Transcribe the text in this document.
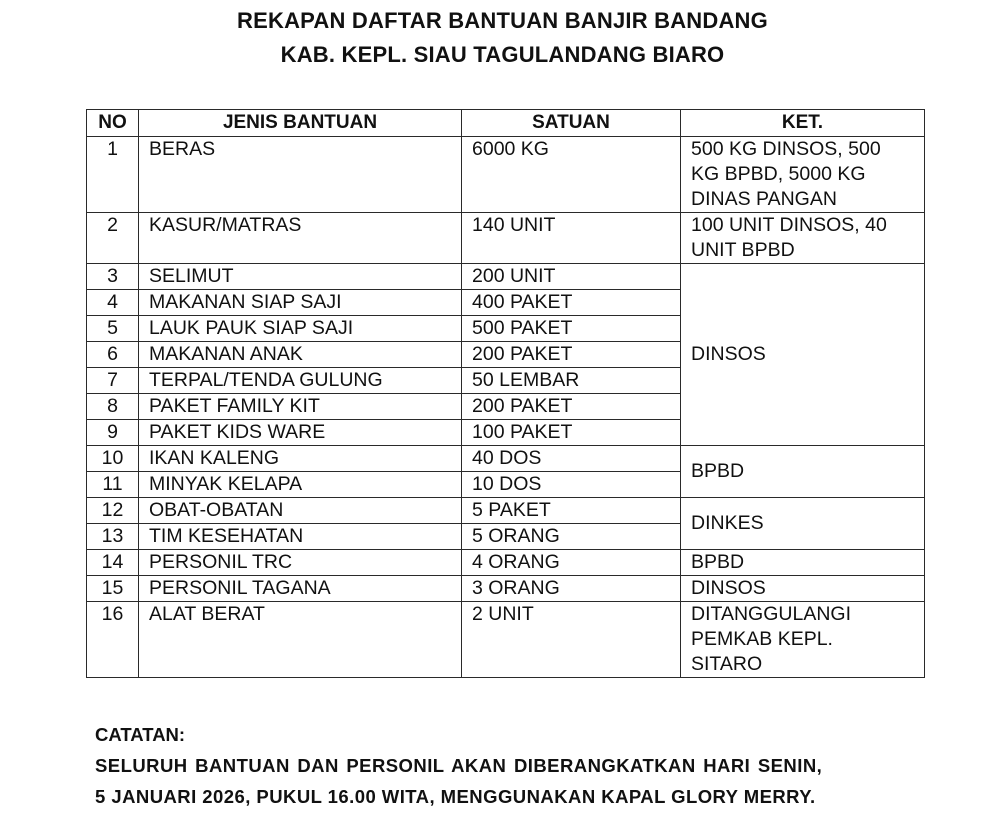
REKAPAN DAFTAR BANTUAN BANJIR BANDANG
KAB. KEPL. SIAU TAGULANDANG BIARO
NO	JENIS BANTUAN	SATUAN	KET.
1	BERAS	6000 KG	500 KG DINSOS, 500
KG BPBD, 5000 KG
DINAS PANGAN

2	KASUR/MATRAS	140 UNIT	100 UNIT DINSOS, 40
UNIT BPBD

3	SELIMUT	200 UNIT	DINSOS
4	MAKANAN SIAP SAJI	400 PAKET	
5	LAUK PAUK SIAP SAJI	500 PAKET	
6	MAKANAN ANAK	200 PAKET	
7	TERPAL/TENDA GULUNG	50 LEMBAR	
8	PAKET FAMILY KIT	200 PAKET	
9	PAKET KIDS WARE	100 PAKET	
10	IKAN KALENG	40 DOS	BPBD
11	MINYAK KELAPA	10 DOS	
12	OBAT-OBATAN	5 PAKET	DINKES
13	TIM KESEHATAN	5 ORANG	
14	PERSONIL TRC	4 ORANG	BPBD
15	PERSONIL TAGANA	3 ORANG	DINSOS
16	ALAT BERAT	2 UNIT	DITANGGULANGI
PEMKAB KEPL.
SITARO
CATATAN:
SELURUH BANTUAN DAN PERSONIL AKAN DIBERANGKATKAN HARI SENIN,
5 JANUARI 2026, PUKUL 16.00 WITA, MENGGUNAKAN KAPAL GLORY MERRY.
